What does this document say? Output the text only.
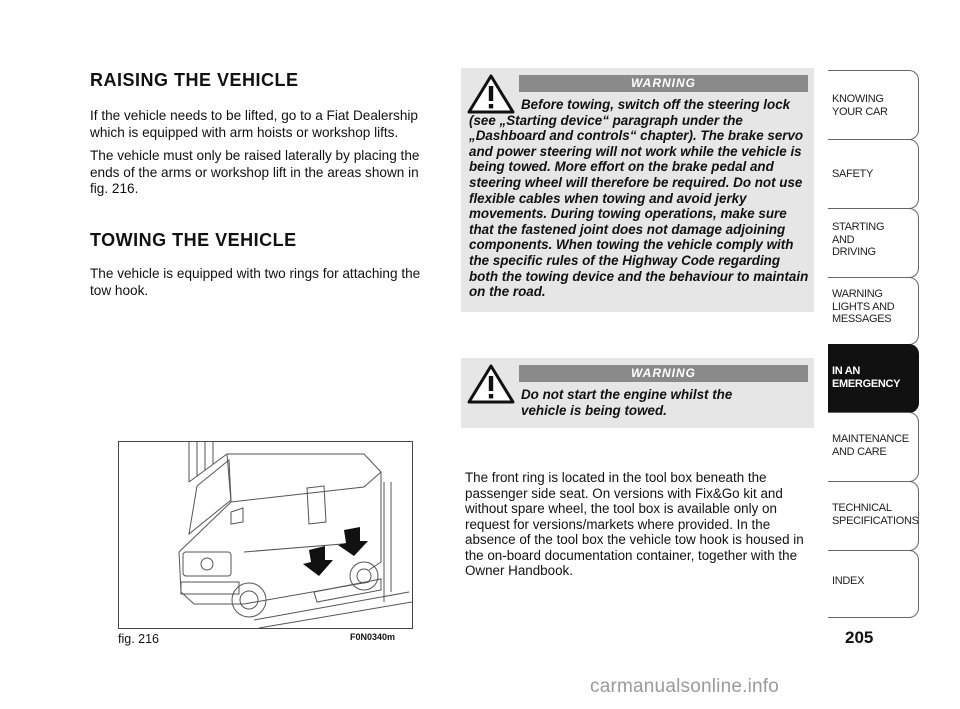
RAISING THE VEHICLE
If the vehicle needs to be lifted, go to a Fiat Dealership which is equipped with arm hoists or workshop lifts.
The vehicle must only be raised laterally by placing the ends of the arms or workshop lift in the areas shown in fig. 216.
TOWING THE VEHICLE
The vehicle is equipped with two rings for attaching the tow hook.
fig. 216	F0N0340m
WARNING
Before towing, switch off the steering lock (see „Starting device“ paragraph under the „Dashboard and controls“ chapter). The brake servo and power steering will not work while the vehicle is being towed. More effort on the brake pedal and steering wheel will therefore be required. Do not use flexible cables when towing and avoid jerky movements. During towing operations, make sure that the fastened joint does not damage adjoining components. When towing the vehicle comply with the specific rules of the Highway Code regarding both the towing device and the behaviour to maintain on the road.
WARNING
Do not start the engine whilst the vehicle is being towed.
The front ring is located in the tool box beneath the passenger side seat. On versions with Fix&Go kit and without spare wheel, the tool box is available only on request for versions/markets where provided. In the absence of the tool box the vehicle tow hook is housed in the on-board documentation container, together with the Owner Handbook.
KNOWING
YOUR CAR
SAFETY
STARTING
AND
DRIVING
WARNING
LIGHTS AND
MESSAGES
IN AN
EMERGENCY
MAINTENANCE
AND CARE
TECHNICAL
SPECIFICATIONS
INDEX
205
carmanualsonline.info
